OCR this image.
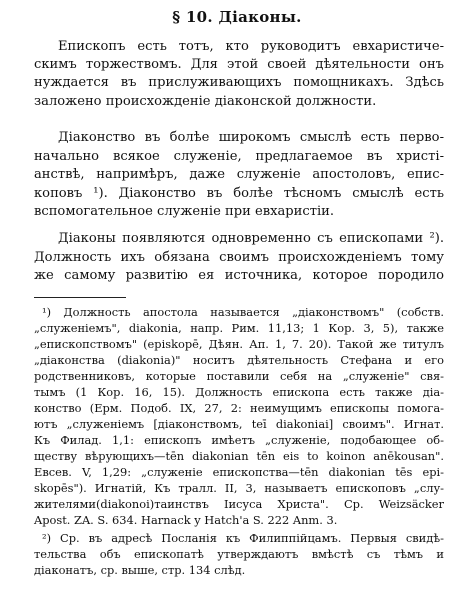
§ 10. Діаконы.
Епископъ есть тотъ, кто руководитъ евхаристиче-
скимъ торжествомъ. Для этой своей дѣятельности онъ
нуждается въ прислуживающихъ помощникахъ. Здѣсь
заложено происхожденіе діаконской должности.
Діаконство въ болѣе широкомъ смыслѣ есть перво-
начально всякое служеніе, предлагаемое въ христі-
анствѣ, напримѣръ, даже служеніе апостоловъ, епис-
коповъ ¹). Діаконство въ болѣе тѣсномъ смыслѣ есть
вспомогательное служеніе при евхаристіи.
Діаконы появляются одновременно съ епископами ²).
Должность ихъ обязана своимъ происхожденіемъ тому
же самому развитію ея источника, которое породило
¹) Должность апостола называется „діаконствомъ" (собств.
„служеніемъ", diakonia, напр. Рим. 11,13; 1 Кор. 3, 5), также
„епископствомъ" (episkopē, Дѣян. Ап. 1, 7. 20). Такой же титулъ
„діаконства (diakonia)" носитъ дѣятельность Стефана и его
родственниковъ, которые поставили себя на „служеніе" свя-
тымъ (1 Кор. 16, 15). Должность епископа есть также діа-
конство (Ерм. Подоб. IX, 27, 2: неимущимъ епископы помога-
ютъ „служеніемъ [діаконствомъ, teī diakoniai] своимъ". Игнат.
Къ Филад. 1,1: епископъ имѣетъ „служеніе, подобающее об-
ществу вѣрующихъ—tēn diakonian tēn eis to koinon anēkousan".
Евсев. V, 1,29: „служеніе епископства—tēn diakonian tēs epi-
skopēs"). Игнатій, Къ тралл. II, 3, называетъ епископовъ „слу-
жителями(diakonoi)таинствъ Іисуса Христа". Ср. Weizsäcker
Apost. ZA. S. 634. Harnack y Hatch'a S. 222 Anm. 3.
²) Ср. въ адресѣ Посланія къ Филиппійцамъ. Первыя свидѣ-
тельства объ епископатѣ утверждаютъ вмѣстѣ съ тѣмъ и
діаконатъ, ср. выше, стр. 134 слѣд.
